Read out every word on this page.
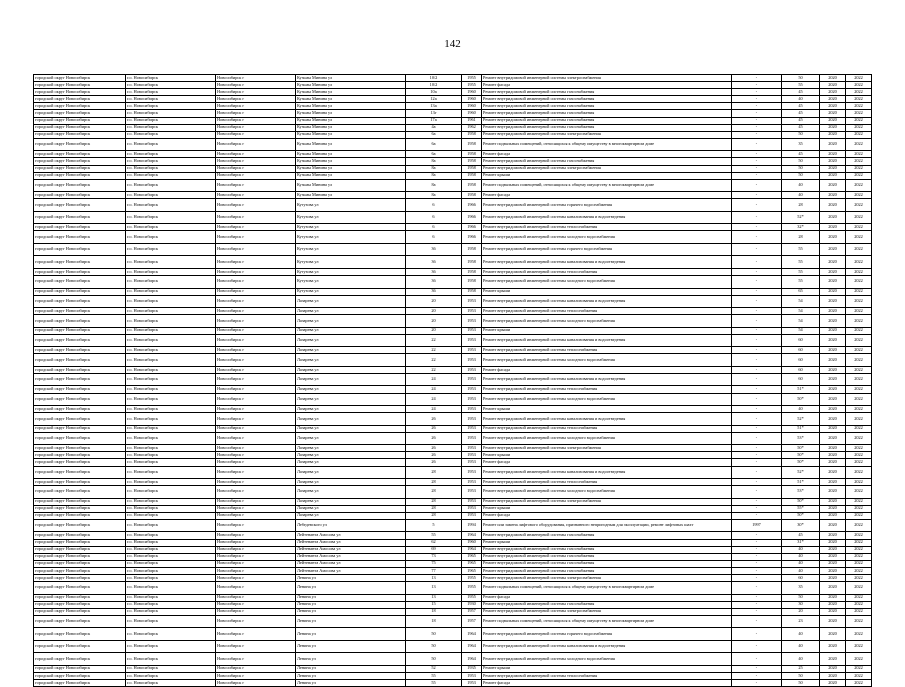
142
городской округ Новосибирск	г.о. Новосибирск	Новосибирск г	Кузьмы Минина ул	10/2	1955	Ремонт внутридомовой инженерной системы электроснабжения	-	50	2020	2022
городской округ Новосибирск	г.о. Новосибирск	Новосибирск г	Кузьмы Минина ул	10/2	1955	Ремонт фасада	-	55	2020	2022
городской округ Новосибирск	г.о. Новосибирск	Новосибирск г	Кузьмы Минина ул	10а	1960	Ремонт внутридомовой инженерной системы газоснабжения	-	45	2020	2022
городской округ Новосибирск	г.о. Новосибирск	Новосибирск г	Кузьмы Минина ул	12а	1960	Ремонт внутридомовой инженерной системы газоснабжения	-	40	2020	2022
городской округ Новосибирск	г.о. Новосибирск	Новосибирск г	Кузьмы Минина ул	13а	1960	Ремонт внутридомовой инженерной системы газоснабжения	-	45	2020	2022
городской округ Новосибирск	г.о. Новосибирск	Новосибирск г	Кузьмы Минина ул	13г	1960	Ремонт внутридомовой инженерной системы газоснабжения	-	45	2020	2022
городской округ Новосибирск	г.о. Новосибирск	Новосибирск г	Кузьмы Минина ул	17а	1961	Ремонт внутридомовой инженерной системы газоснабжения	-	45	2020	2022
городской округ Новосибирск	г.о. Новосибирск	Новосибирск г	Кузьмы Минина ул	4а	1962	Ремонт внутридомовой инженерной системы газоснабжения	-	45	2020	2022
городской округ Новосибирск	г.о. Новосибирск	Новосибирск г	Кузьмы Минина ул	6а	1958	Ремонт внутридомовой инженерной системы электроснабжения	-	50	2020	2022
городской округ Новосибирск	г.о. Новосибирск	Новосибирск г	Кузьмы Минина ул	6а	1958	Ремонт подвальных помещений, относящихся к общему имуществу в многоквартирном доме	-	35	2020	2022
городской округ Новосибирск	г.о. Новосибирск	Новосибирск г	Кузьмы Минина ул	6а	1958	Ремонт фасада	-	45	2020	2022
городской округ Новосибирск	г.о. Новосибирск	Новосибирск г	Кузьмы Минина ул	8а	1958	Ремонт внутридомовой инженерной системы газоснабжения	-	50	2020	2022
городской округ Новосибирск	г.о. Новосибирск	Новосибирск г	Кузьмы Минина ул	8а	1958	Ремонт внутридомовой инженерной системы электроснабжения	-	50	2020	2022
городской округ Новосибирск	г.о. Новосибирск	Новосибирск г	Кузьмы Минина ул	8а	1958	Ремонт крыши	-	50	2020	2022
городской округ Новосибирск	г.о. Новосибирск	Новосибирск г	Кузьмы Минина ул	8а	1958	Ремонт подвальных помещений, относящихся к общему имуществу в многоквартирном доме	-	40	2020	2022
городской округ Новосибирск	г.о. Новосибирск	Новосибирск г	Кузьмы Минина ул	8а	1958	Ремонт фасада	-	40	2020	2022
городской округ Новосибирск	г.о. Новосибирск	Новосибирск г	Кутузова ул	6	1966	Ремонт внутридомовой инженерной системы горячего водоснабжения	-	28	2020	2022
городской округ Новосибирск	г.о. Новосибирск	Новосибирск г	Кутузова ул	6	1966	Ремонт внутридомовой инженерной системы канализования и водоотведения	-	52*	2020	2022
городской округ Новосибирск	г.о. Новосибирск	Новосибирск г	Кутузова ул	6	1966	Ремонт внутридомовой инженерной системы теплоснабжения	-	32*	2020	2022
городской округ Новосибирск	г.о. Новосибирск	Новосибирск г	Кутузова ул	6	1966	Ремонт внутридомовой инженерной системы холодного водоснабжения	-	28	2020	2022
городской округ Новосибирск	г.о. Новосибирск	Новосибирск г	Кутузова ул	36	1958	Ремонт внутридомовой инженерной системы горячего водоснабжения	-	55	2020	2022
городской округ Новосибирск	г.о. Новосибирск	Новосибирск г	Кутузова ул	36	1958	Ремонт внутридомовой инженерной системы канализования и водоотведения	-	55	2020	2022
городской округ Новосибирск	г.о. Новосибирск	Новосибирск г	Кутузова ул	36	1958	Ремонт внутридомовой инженерной системы теплоснабжения	-	55	2020	2022
городской округ Новосибирск	г.о. Новосибирск	Новосибирск г	Кутузова ул	36	1958	Ремонт внутридомовой инженерной системы холодного водоснабжения	-	55	2020	2022
городской округ Новосибирск	г.о. Новосибирск	Новосибирск г	Кутузова ул	36	1958	Ремонт крыши	-	65	2020	2022
городской округ Новосибирск	г.о. Новосибирск	Новосибирск г	Лазарева ул	20	1953	Ремонт внутридомовой инженерной системы канализования и водоотведения	-	54	2020	2022
городской округ Новосибирск	г.о. Новосибирск	Новосибирск г	Лазарева ул	20	1953	Ремонт внутридомовой инженерной системы теплоснабжения	-	54	2020	2022
городской округ Новосибирск	г.о. Новосибирск	Новосибирск г	Лазарева ул	20	1953	Ремонт внутридомовой инженерной системы холодного водоснабжения	-	54	2020	2022
городской округ Новосибирск	г.о. Новосибирск	Новосибирск г	Лазарева ул	20	1953	Ремонт крыши	-	54	2020	2022
городской округ Новосибирск	г.о. Новосибирск	Новосибирск г	Лазарева ул	22	1953	Ремонт внутридомовой инженерной системы канализования и водоотведения	-	60	2020	2022
городской округ Новосибирск	г.о. Новосибирск	Новосибирск г	Лазарева ул	22	1953	Ремонт внутридомовой инженерной системы теплоснабжения	-	60	2020	2022
городской округ Новосибирск	г.о. Новосибирск	Новосибирск г	Лазарева ул	22	1953	Ремонт внутридомовой инженерной системы холодного водоснабжения	-	60	2020	2022
городской округ Новосибирск	г.о. Новосибирск	Новосибирск г	Лазарева ул	22	1953	Ремонт фасада	-	60	2020	2022
городской округ Новосибирск	г.о. Новосибирск	Новосибирск г	Лазарева ул	24	1953	Ремонт внутридомовой инженерной системы канализования и водоотведения	-	60	2020	2022
городской округ Новосибирск	г.о. Новосибирск	Новосибирск г	Лазарева ул	24	1953	Ремонт внутридомовой инженерной системы теплоснабжения	-	51*	2020	2022
городской округ Новосибирск	г.о. Новосибирск	Новосибирск г	Лазарева ул	24	1953	Ремонт внутридомовой инженерной системы холодного водоснабжения	-	50*	2020	2022
городской округ Новосибирск	г.о. Новосибирск	Новосибирск г	Лазарева ул	24	1953	Ремонт крыши	-	40	2020	2022
городской округ Новосибирск	г.о. Новосибирск	Новосибирск г	Лазарева ул	26	1953	Ремонт внутридомовой инженерной системы канализования и водоотведения	-	52*	2020	2022
городской округ Новосибирск	г.о. Новосибирск	Новосибирск г	Лазарева ул	26	1953	Ремонт внутридомовой инженерной системы теплоснабжения	-	51*	2020	2022
городской округ Новосибирск	г.о. Новосибирск	Новосибирск г	Лазарева ул	26	1953	Ремонт внутридомовой инженерной системы холодного водоснабжения	-	53*	2020	2022
городской округ Новосибирск	г.о. Новосибирск	Новосибирск г	Лазарева ул	26	1953	Ремонт внутридомовой инженерной системы электроснабжения	-	50*	2020	2022
городской округ Новосибирск	г.о. Новосибирск	Новосибирск г	Лазарева ул	26	1953	Ремонт крыши	-	50*	2020	2022
городской округ Новосибирск	г.о. Новосибирск	Новосибирск г	Лазарева ул	26	1953	Ремонт фасада	-	50*	2020	2022
городской округ Новосибирск	г.о. Новосибирск	Новосибирск г	Лазарева ул	28	1953	Ремонт внутридомовой инженерной системы канализования и водоотведения	-	52*	2020	2022
городской округ Новосибирск	г.о. Новосибирск	Новосибирск г	Лазарева ул	28	1953	Ремонт внутридомовой инженерной системы теплоснабжения	-	51*	2020	2022
городской округ Новосибирск	г.о. Новосибирск	Новосибирск г	Лазарева ул	28	1953	Ремонт внутридомовой инженерной системы холодного водоснабжения	-	53*	2020	2022
городской округ Новосибирск	г.о. Новосибирск	Новосибирск г	Лазарева ул	28	1953	Ремонт внутридомовой инженерной системы электроснабжения	-	50*	2020	2022
городской округ Новосибирск	г.о. Новосибирск	Новосибирск г	Лазарева ул	28	1953	Ремонт крыши	-	55*	2020	2022
городской округ Новосибирск	г.о. Новосибирск	Новосибирск г	Лазарева ул	28	1953	Ремонт фасада	-	50*	2020	2022
городской округ Новосибирск	г.о. Новосибирск	Новосибирск г	Лебедевского ул	5	1994	Ремонт или замена лифтового оборудования, признанного непригодным для эксплуатации, ремонт лифтовых шахт	1997	30*	2020	2022
городской округ Новосибирск	г.о. Новосибирск	Новосибирск г	Лейтенанта Амосова ул	55	1964	Ремонт внутридомовой инженерной системы газоснабжения	-	45	2020	2022
городской округ Новосибирск	г.о. Новосибирск	Новосибирск г	Лейтенанта Амосова ул	62	1960	Ремонт крыши	-	31*	2020	2022
городской округ Новосибирск	г.о. Новосибирск	Новосибирск г	Лейтенанта Амосова ул	69	1964	Ремонт внутридомовой инженерной системы газоснабжения	-	40	2020	2022
городской округ Новосибирск	г.о. Новосибирск	Новосибирск г	Лейтенанта Амосова ул	73	1965	Ремонт внутридомовой инженерной системы газоснабжения	-	40	2020	2022
городской округ Новосибирск	г.о. Новосибирск	Новосибирск г	Лейтенанта Амосова ул	75	1965	Ремонт внутридомовой инженерной системы газоснабжения	-	40	2020	2022
городской округ Новосибирск	г.о. Новосибирск	Новосибирск г	Лейтенанта Амосова ул	77	1965	Ремонт внутридомовой инженерной системы газоснабжения	-	40	2020	2022
городской округ Новосибирск	г.о. Новосибирск	Новосибирск г	Ленина ул	13	1955	Ремонт внутридомовой инженерной системы электроснабжения	-	60	2020	2022
городской округ Новосибирск	г.о. Новосибирск	Новосибирск г	Ленина ул	13	1955	Ремонт подвальных помещений, относящихся к общему имуществу в многоквартирном доме	-	35	2020	2022
городской округ Новосибирск	г.о. Новосибирск	Новосибирск г	Ленина ул	13	1955	Ремонт фасада	-	50	2020	2022
городской округ Новосибирск	г.о. Новосибирск	Новосибирск г	Ленина ул	15	1930	Ремонт внутридомовой инженерной системы газоснабжения	-	30	2020	2022
городской округ Новосибирск	г.о. Новосибирск	Новосибирск г	Ленина ул	18	1957	Ремонт внутридомовой инженерной системы электроснабжения	-	20	2020	2022
городской округ Новосибирск	г.о. Новосибирск	Новосибирск г	Ленина ул	18	1957	Ремонт подвальных помещений, относящихся к общему имуществу в многоквартирном доме	-	23	2020	2022
городской округ Новосибирск	г.о. Новосибирск	Новосибирск г	Ленина ул	50	1964	Ремонт внутридомовой инженерной системы горячего водоснабжения	-	40	2020	2022
городской округ Новосибирск	г.о. Новосибирск	Новосибирск г	Ленина ул	50	1964	Ремонт внутридомовой инженерной системы канализования и водоотведения	-	40	2020	2022
городской округ Новосибирск	г.о. Новосибирск	Новосибирск г	Ленина ул	50	1964	Ремонт внутридомовой инженерной системы холодного водоснабжения	-	40	2020	2022
городской округ Новосибирск	г.о. Новосибирск	Новосибирск г	Ленина ул	52	1935	Ремонт крыши	-	25	2020	2022
городской округ Новосибирск	г.о. Новосибирск	Новосибирск г	Ленина ул	55	1953	Ремонт внутридомовой инженерной системы теплоснабжения	-	50	2020	2022
городской округ Новосибирск	г.о. Новосибирск	Новосибирск г	Ленина ул	55	1953	Ремонт фасада	-	50	2020	2022
